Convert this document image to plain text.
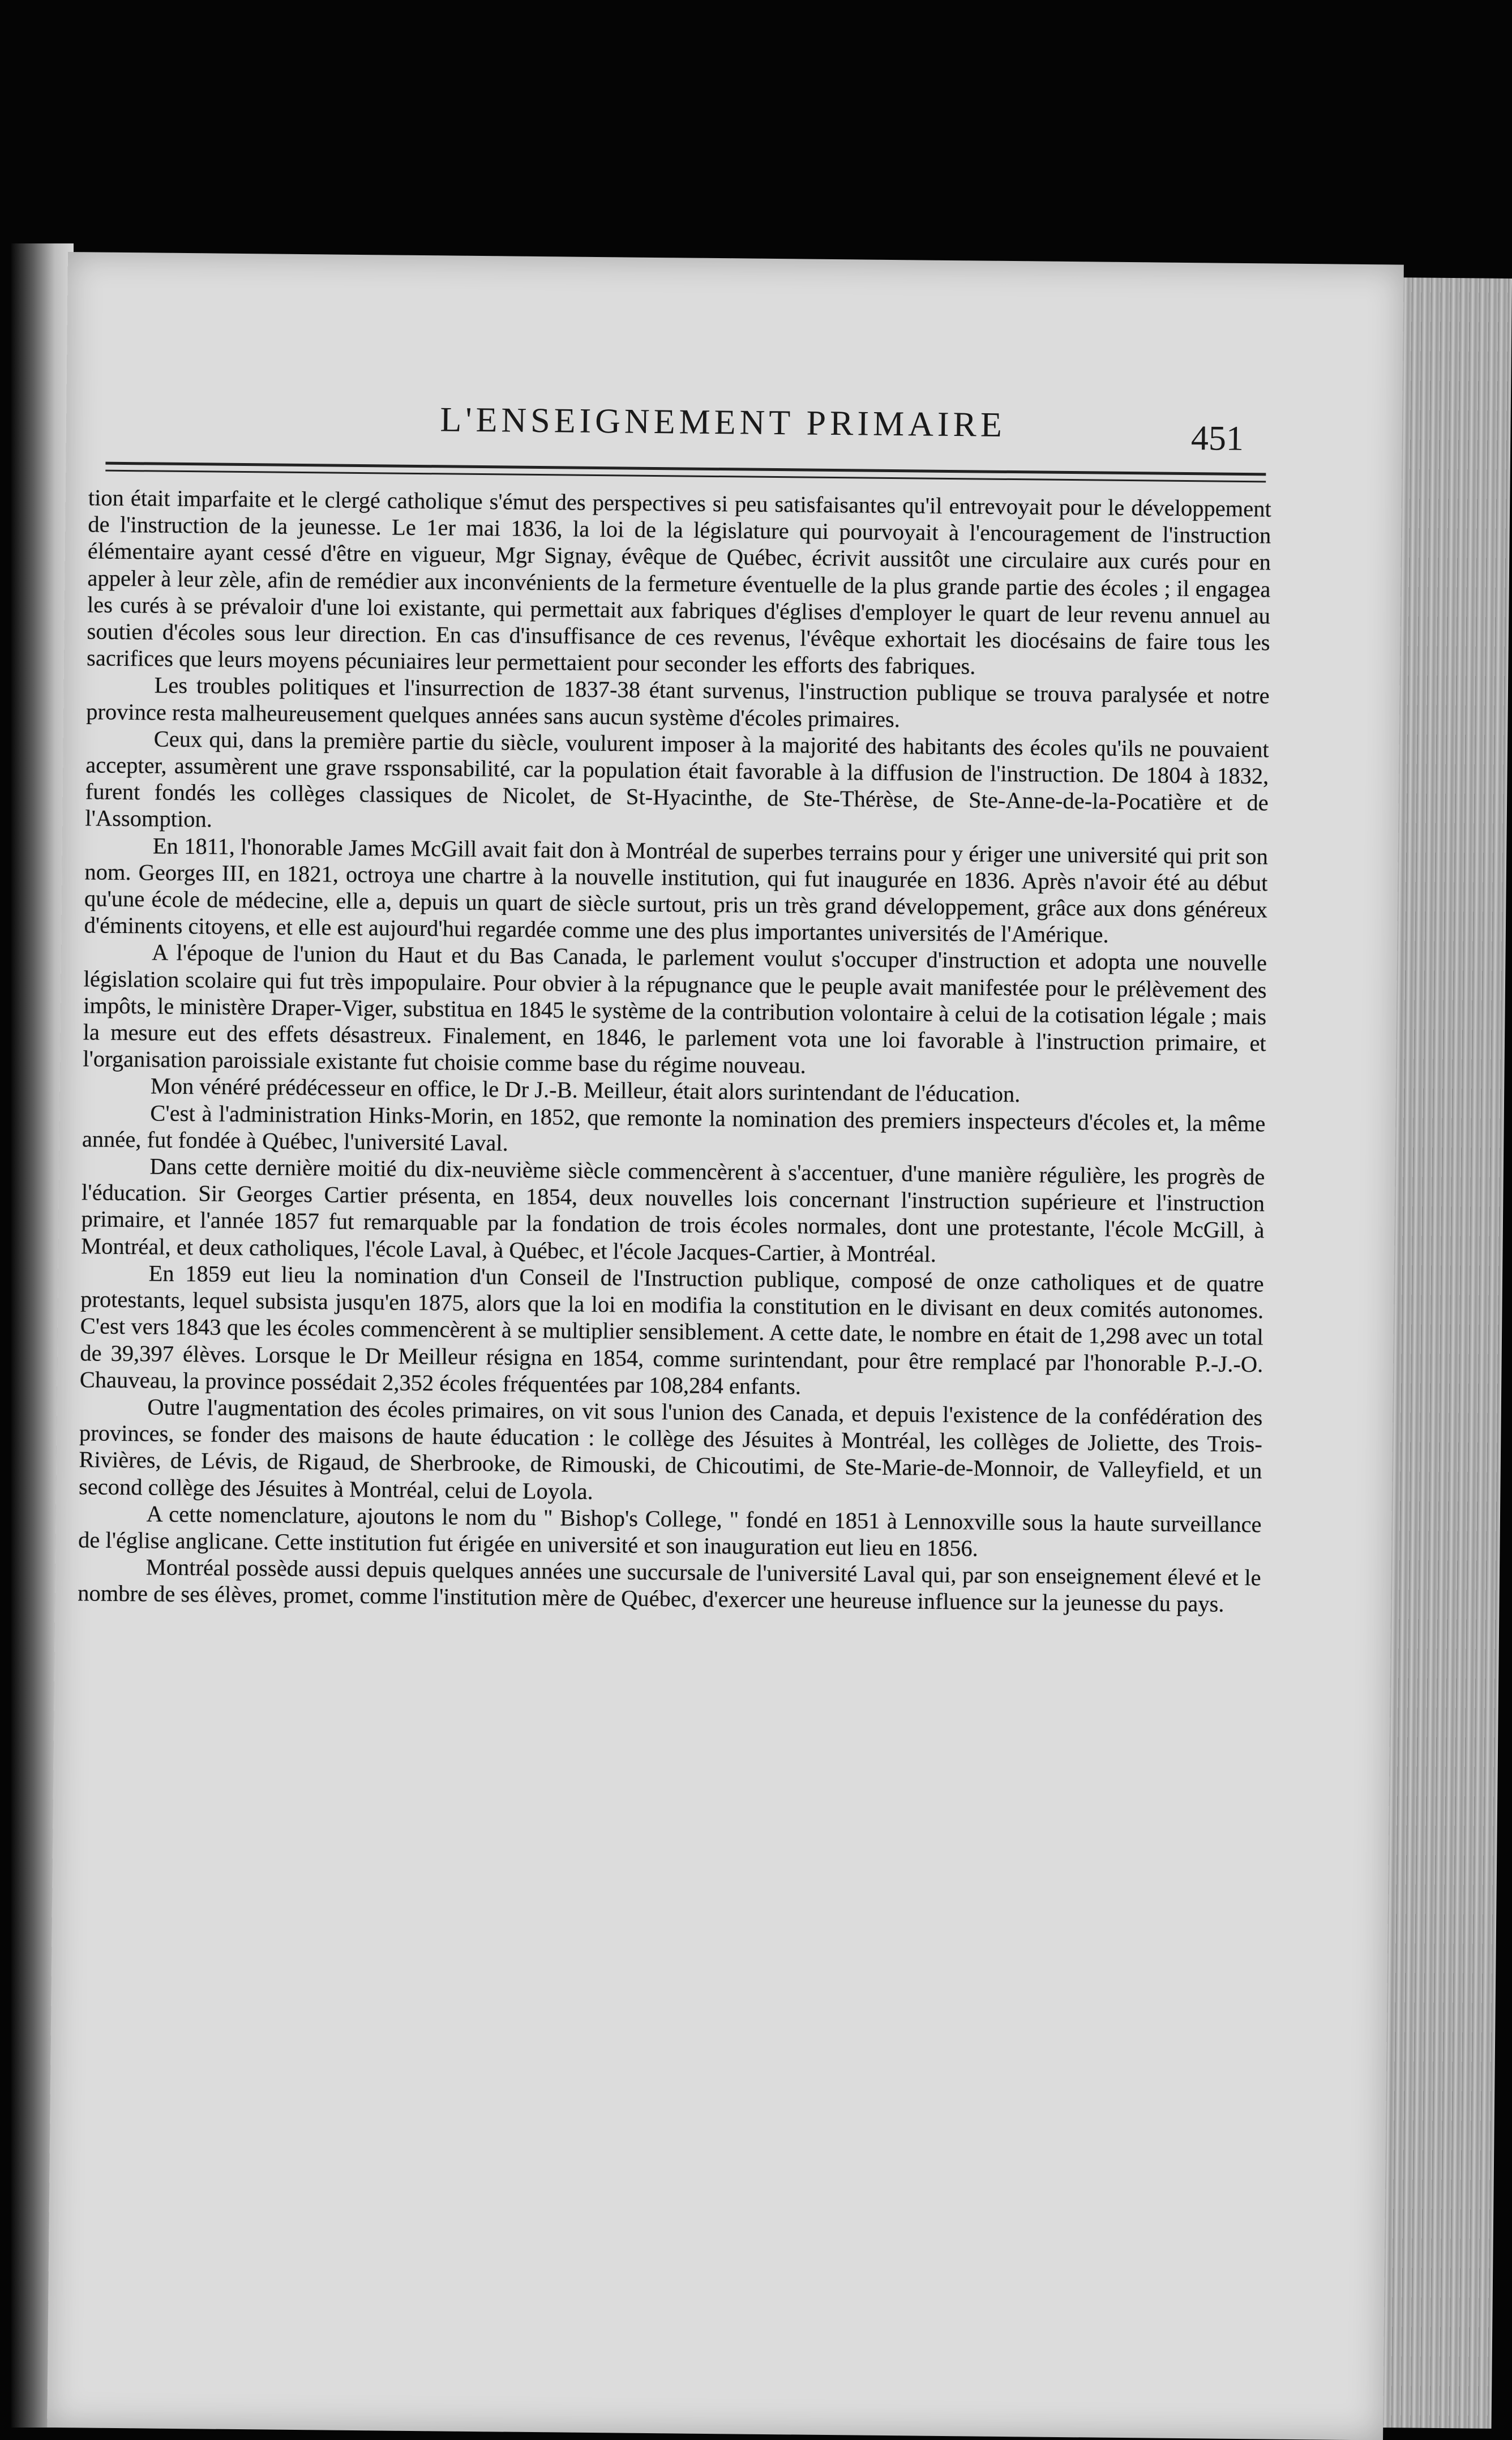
L'ENSEIGNEMENT PRIMAIRE	451

tion était imparfaite et le clergé catholique s'émut des perspectives si peu satisfaisantes qu'il entrevoyait pour le développement de l'instruction de la jeunesse. Le 1er mai 1836, la loi de la législature qui pourvoyait à l'encouragement de l'instruction élémentaire ayant cessé d'être en vigueur, Mgr Signay, évêque de Québec, écrivit aussitôt une circulaire aux curés pour en appeler à leur zèle, afin de remédier aux inconvénients de la fermeture éventuelle de la plus grande partie des écoles ; il engagea les curés à se prévaloir d'une loi existante, qui permettait aux fabriques d'églises d'employer le quart de leur revenu annuel au soutien d'écoles sous leur direction. En cas d'insuffisance de ces revenus, l'évêque exhortait les diocésains de faire tous les sacrifices que leurs moyens pécuniaires leur permettaient pour seconder les efforts des fabriques.

Les troubles politiques et l'insurrection de 1837-38 étant survenus, l'instruction publique se trouva paralysée et notre province resta malheureusement quelques années sans aucun système d'écoles primaires.

Ceux qui, dans la première partie du siècle, voulurent imposer à la majorité des habitants des écoles qu'ils ne pouvaient accepter, assumèrent une grave rssponsabilité, car la population était favorable à la diffusion de l'instruction. De 1804 à 1832, furent fondés les collèges classiques de Nicolet, de St-Hyacinthe, de Ste-Thérèse, de Ste-Anne-de-la-Pocatière et de l'Assomption.

En 1811, l'honorable James McGill avait fait don à Montréal de superbes terrains pour y ériger une université qui prit son nom. Georges III, en 1821, octroya une chartre à la nouvelle institution, qui fut inaugurée en 1836. Après n'avoir été au début qu'une école de médecine, elle a, depuis un quart de siècle surtout, pris un très grand développement, grâce aux dons généreux d'éminents citoyens, et elle est aujourd'hui regardée comme une des plus importantes universités de l'Amérique.

A l'époque de l'union du Haut et du Bas Canada, le parlement voulut s'occuper d'instruction et adopta une nouvelle législation scolaire qui fut très impopulaire. Pour obvier à la répugnance que le peuple avait manifestée pour le prélèvement des impôts, le ministère Draper-Viger, substitua en 1845 le système de la contribution volontaire à celui de la cotisation légale ; mais la mesure eut des effets désastreux. Finalement, en 1846, le parlement vota une loi favorable à l'instruction primaire, et l'organisation paroissiale existante fut choisie comme base du régime nouveau.

Mon vénéré prédécesseur en office, le Dr J.-B. Meilleur, était alors surintendant de l'éducation.

C'est à l'administration Hinks-Morin, en 1852, que remonte la nomination des premiers inspecteurs d'écoles et, la même année, fut fondée à Québec, l'université Laval.

Dans cette dernière moitié du dix-neuvième siècle commencèrent à s'accentuer, d'une manière régulière, les progrès de l'éducation. Sir Georges Cartier présenta, en 1854, deux nouvelles lois concernant l'instruction supérieure et l'instruction primaire, et l'année 1857 fut remarquable par la fondation de trois écoles normales, dont une protestante, l'école McGill, à Montréal, et deux catholiques, l'école Laval, à Québec, et l'école Jacques-Cartier, à Montréal.

En 1859 eut lieu la nomination d'un Conseil de l'Instruction publique, composé de onze catholiques et de quatre protestants, lequel subsista jusqu'en 1875, alors que la loi en modifia la constitution en le divisant en deux comités autonomes. C'est vers 1843 que les écoles commencèrent à se multiplier sensiblement. A cette date, le nombre en était de 1,298 avec un total de 39,397 élèves. Lorsque le Dr Meilleur résigna en 1854, comme surintendant, pour être remplacé par l'honorable P.-J.-O. Chauveau, la province possédait 2,352 écoles fréquentées par 108,284 enfants.

Outre l'augmentation des écoles primaires, on vit sous l'union des Canada, et depuis l'existence de la confédération des provinces, se fonder des maisons de haute éducation : le collège des Jésuites à Montréal, les collèges de Joliette, des Trois-Rivières, de Lévis, de Rigaud, de Sherbrooke, de Rimouski, de Chicoutimi, de Ste-Marie-de-Monnoir, de Valleyfield, et un second collège des Jésuites à Montréal, celui de Loyola.

A cette nomenclature, ajoutons le nom du " Bishop's College, " fondé en 1851 à Lennoxville sous la haute surveillance de l'église anglicane. Cette institution fut érigée en université et son inauguration eut lieu en 1856.

Montréal possède aussi depuis quelques années une succursale de l'université Laval qui, par son enseignement élevé et le nombre de ses élèves, promet, comme l'institution mère de Québec, d'exercer une heureuse influence sur la jeunesse du pays.
